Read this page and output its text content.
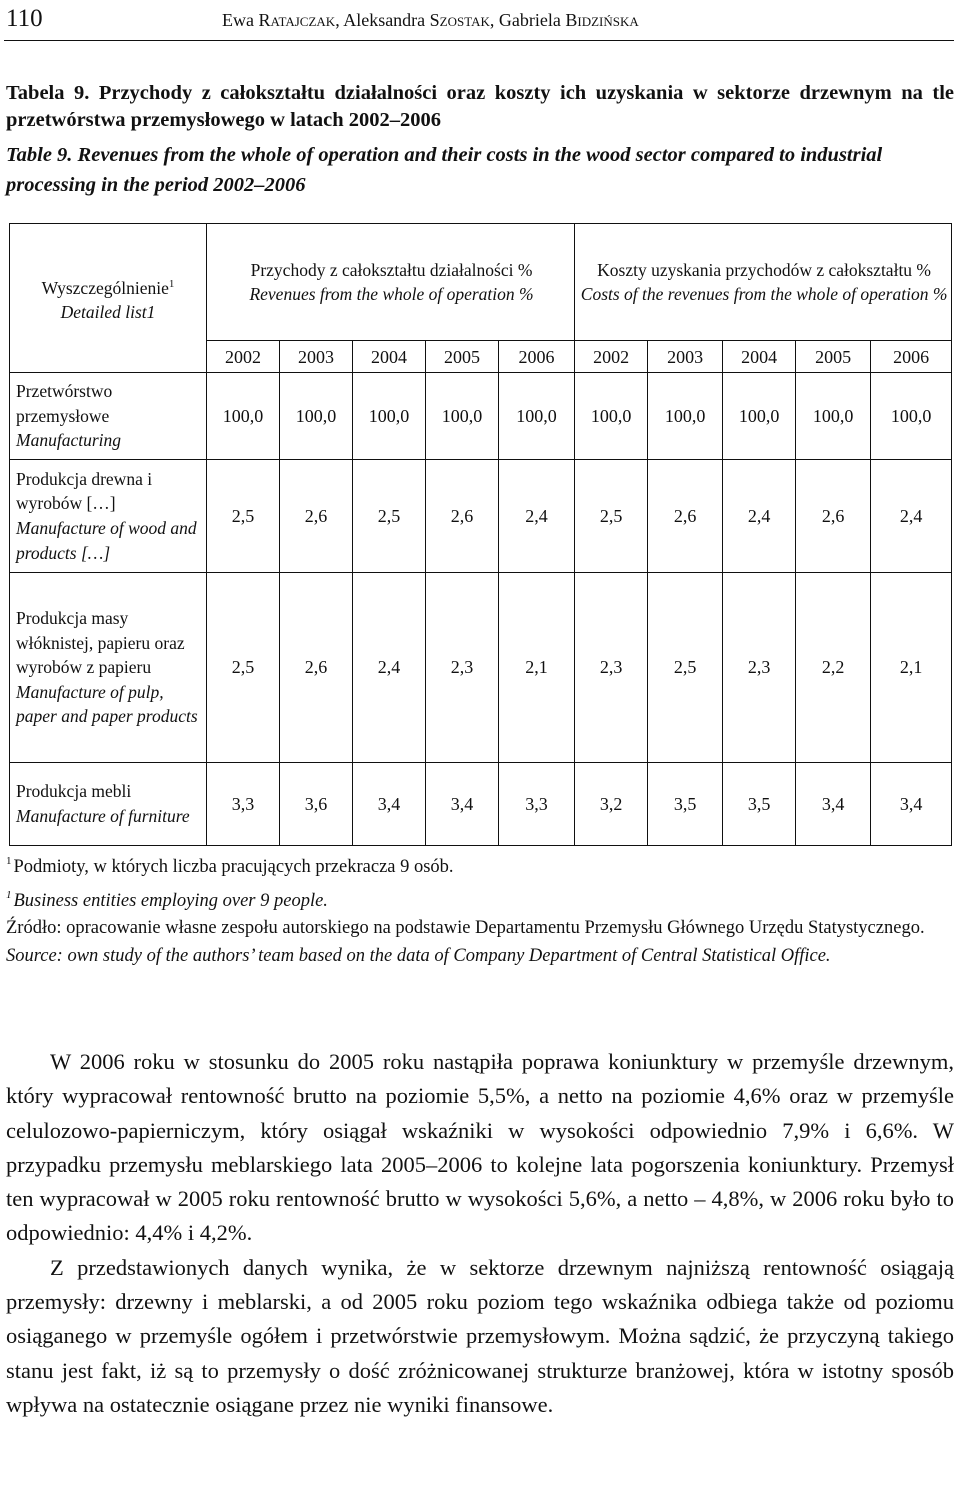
110	Ewa Ratajczak, Aleksandra Szostak, Gabriela Bidzińska
Tabela 9. Przychody z całokształtu działalności oraz koszty ich uzyskania w sektorze drzewnym na tle przetwórstwa przemysłowego w latach 2002–2006
Table 9. Revenues from the whole of operation and their costs in the wood sector compared to industrial processing in the period 2002–2006
Wyszczególnienie$^1$
Detailed list1	Przychody z całokształtu działalności %
Revenues from the whole of operation %					Koszty uzyskania przychodów z całokształtu %
Costs of the revenues from the whole of operation %				

	2002	2003	2004	2005	2006	2002	2003	2004	2005	2006

Przetwórstwo przemysłowe
Manufacturing	100,0	100,0	100,0	100,0	100,0	100,0	100,0	100,0	100,0	100,0

Produkcja drewna i wyrobów […]
Manufacture of wood and products […]	2,5	2,6	2,5	2,6	2,4	2,5	2,6	2,4	2,6	2,4

Produkcja masy włóknistej, papieru oraz wyrobów z papieru
Manufacture of pulp, paper and paper products	2,5	2,6	2,4	2,3	2,1	2,3	2,5	2,3	2,2	2,1

Produkcja mebli
Manufacture of furniture	3,3	3,6	3,4	3,4	3,3	3,2	3,5	3,5	3,4	3,4

$^1$ Podmioty, w których liczba pracujących przekracza 9 osób.

$^1$ Business entities employing over 9 people.

Źródło: opracowanie własne zespołu autorskiego na podstawie Departamentu Przemysłu Głównego Urzędu Statystycznego.

Source: own study of the authors’ team based on the data of Company Department of Central Statistical Office.

W 2006 roku w stosunku do 2005 roku nastąpiła poprawa koniunktury w przemyśle drzewnym, który wypracował rentowność brutto na poziomie 5,5%, a netto na poziomie 4,6% oraz w przemyśle celulozowo-papierniczym, który osiągał wskaźniki w wysokości odpowiednio 7,9% i 6,6%. W przypadku przemysłu meblarskiego lata 2005–2006 to kolejne lata pogorszenia koniunktury. Przemysł ten wypracował w 2005 roku rentowność brutto w wysokości 5,6%, a netto – 4,8%, w 2006 roku było to odpowiednio: 4,4% i 4,2%.

Z przedstawionych danych wynika, że w sektorze drzewnym najniższą rentowność osiągają przemysły: drzewny i meblarski, a od 2005 roku poziom tego wskaźnika odbiega także od poziomu osiąganego w przemyśle ogółem i przetwórstwie przemysłowym. Można sądzić, że przyczyną takiego stanu jest fakt, iż są to przemysły o dość zróżnicowanej strukturze branżowej, która w istotny sposób wpływa na ostatecznie osiągane przez nie wyniki finansowe.
